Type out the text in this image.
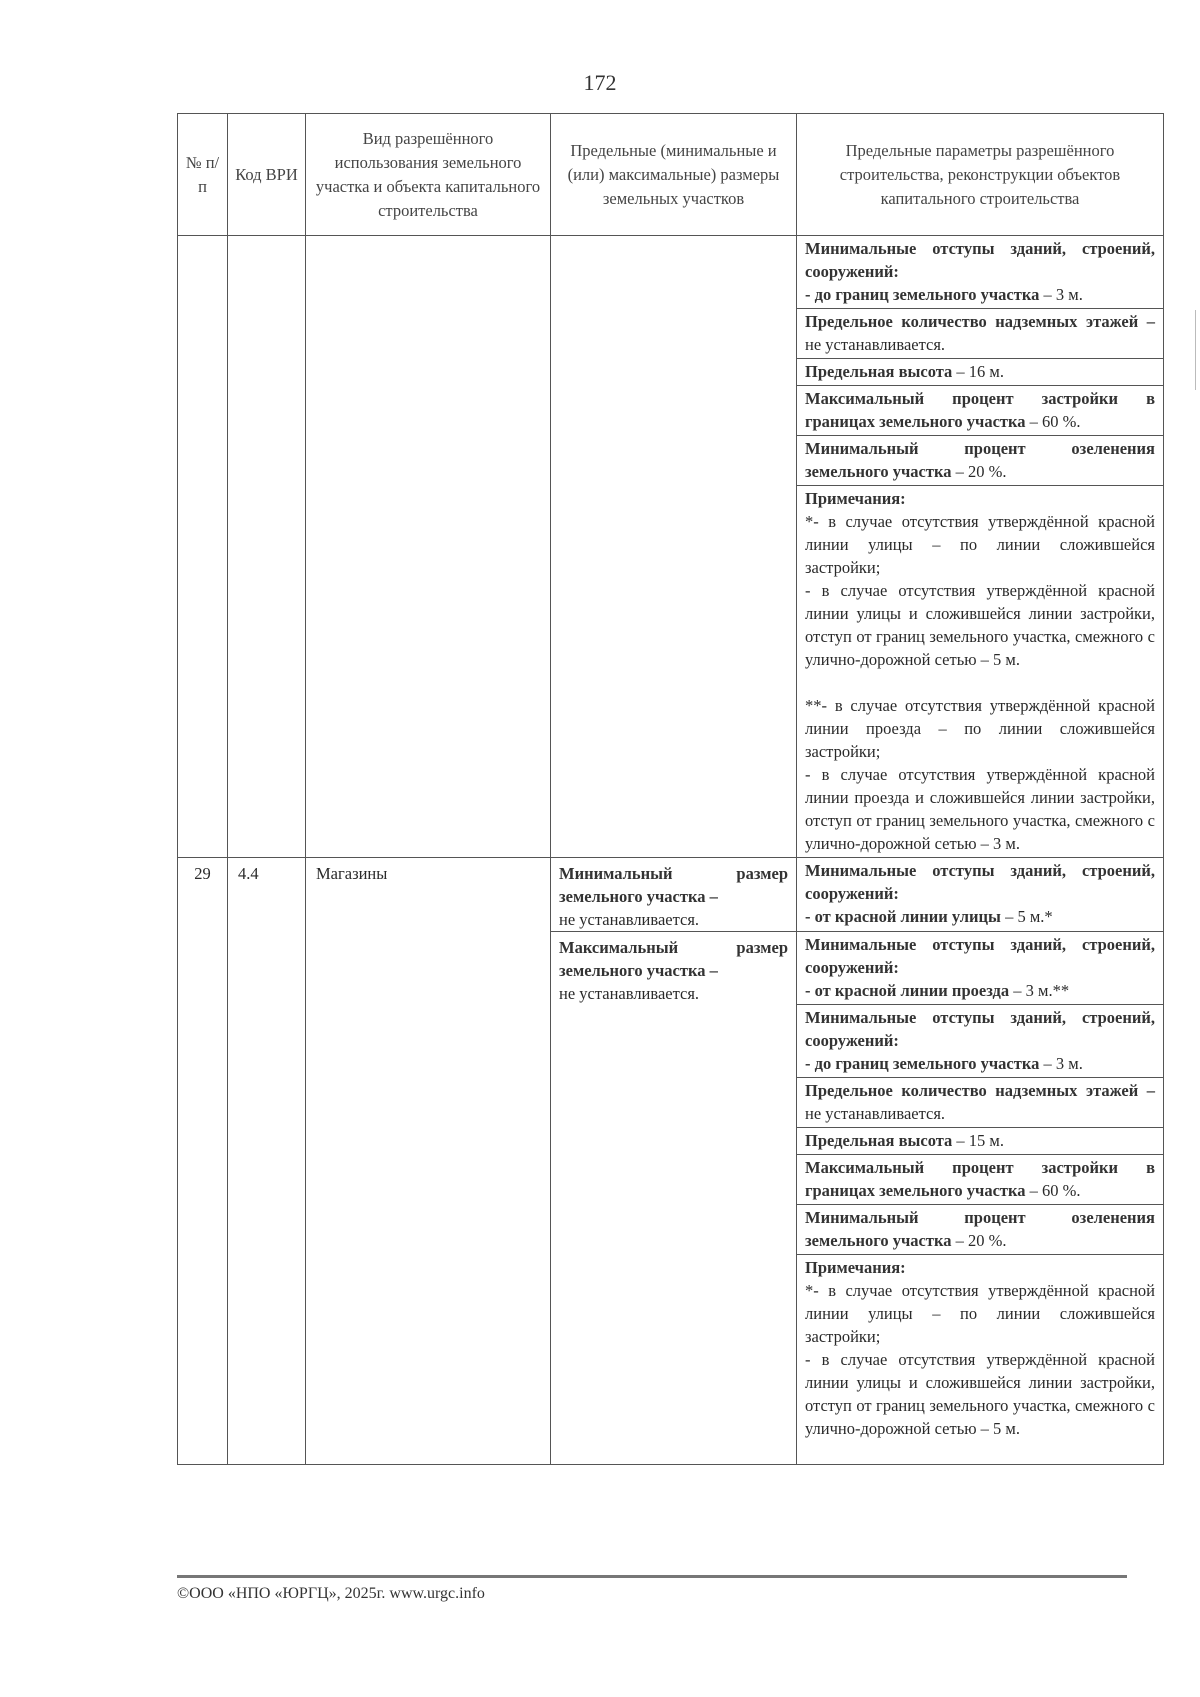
172
№ п/п	Код ВРИ	Вид разрешённого использования земельного участка и объекта капитального строительства	Предельные (минимальные и (или) максимальные) размеры земельных участков	Предельные параметры разрешённого строительства, реконструкции объектов капитального строительства
				Минимальные отступы зданий, строений, сооружений:
- до границ земельного участка – 3 м.
				Предельное количество надземных этажей – не устанавливается.
				Предельная высота – 16 м.
				Максимальный процент застройки в границах земельного участка – 60 %.
				Минимальный процент озеленения земельного участка – 20 %.

				Примечания:
*- в случае отсутствия утверждённой красной линии улицы – по линии сложившейся застройки;
- в случае отсутствия утверждённой красной линии улицы и сложившейся линии застройки, отступ от границ земельного участка, смежного с улично-дорожной сетью – 5 м.
**- в случае отсутствия утверждённой красной линии проезда – по линии сложившейся застройки;
- в случае отсутствия утверждённой красной линии проезда и сложившейся линии застройки, отступ от границ земельного участка, смежного с улично-дорожной сетью – 3 м.

29	4.4	Магазины	Минимальный размер земельного участка –
не устанавливается.	Минимальные отступы зданий, строений, сооружений:
- от красной линии улицы – 5 м.*
			Максимальный размер земельного участка –
не устанавливается.	Минимальные отступы зданий, строений, сооружений:
- от красной линии проезда – 3 м.**
				Минимальные отступы зданий, строений, сооружений:
- до границ земельного участка – 3 м.
				Предельное количество надземных этажей – не устанавливается.
				Предельная высота – 15 м.
				Максимальный процент застройки в границах земельного участка – 60 %.
				Минимальный процент озеленения земельного участка – 20 %.

				Примечания:
*- в случае отсутствия утверждённой красной линии улицы – по линии сложившейся застройки;
- в случае отсутствия утверждённой красной линии улицы и сложившейся линии застройки, отступ от границ земельного участка, смежного с улично-дорожной сетью – 5 м.
©ООО «НПО «ЮРГЦ», 2025г. www.urgc.info
